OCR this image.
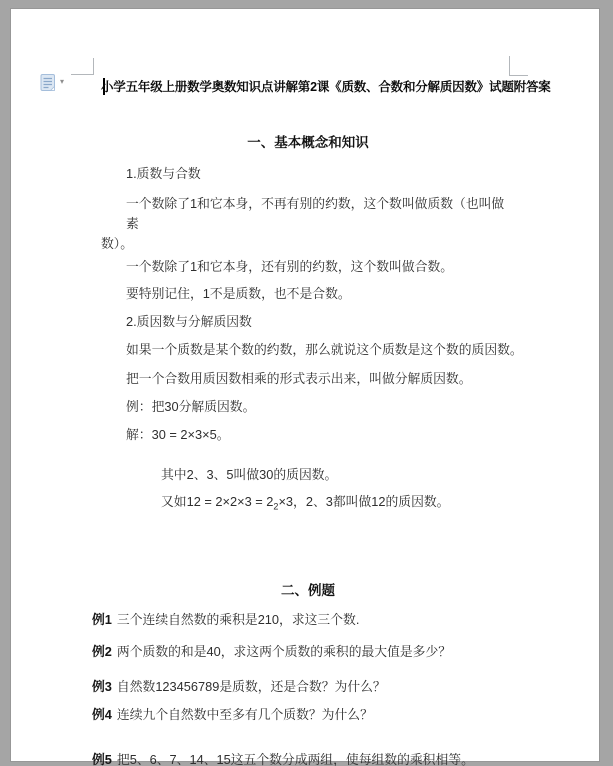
▾	小学五年级上册数学奥数知识点讲解第2课《质数、合数和分解质因数》试题附答案
一、基本概念和知识

1.质数与合数

一个数除了1和它本身，不再有别的约数，这个数叫做质数（也叫做素
数）。

一个数除了1和它本身，还有别的约数，这个数叫做合数。

要特别记住，1不是质数，也不是合数。

2.质因数与分解质因数

如果一个质数是某个数的约数，那么就说这个质数是这个数的质因数。

把一个合数用质因数相乘的形式表示出来，叫做分解质因数。

例：把30分解质因数。

解：30 = 2×3×5。

其中2、3、5叫做30的质因数。

又如$12 = 2\times 2\times 3 = 2_2\times 3$，2、3都叫做12的质因数。

二、例题

例1 三个连续自然数的乘积是210，求这三个数.

例2 两个质数的和是40，求这两个质数的乘积的最大值是多少？

例3 自然数123456789是质数，还是合数？为什么？

例4 连续九个自然数中至多有几个质数？为什么？

例5 把5、6、7、14、15这五个数分成两组，使每组数的乘积相等。
